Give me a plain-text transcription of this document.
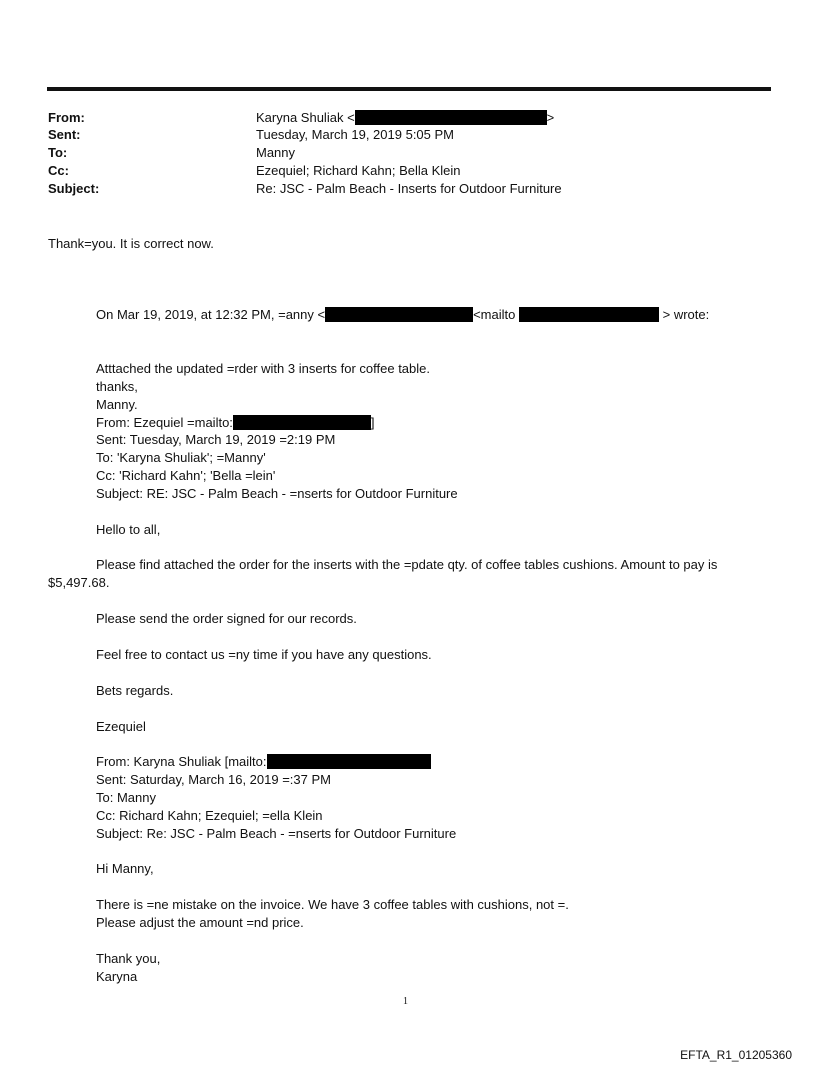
From:	Karyna Shuliak <	>
Sent:	Tuesday, March 19, 2019 5:05 PM
To:	Manny
Cc:	Ezequiel; Richard Kahn; Bella Klein
Subject:	Re: JSC - Palm Beach - Inserts for Outdoor Furniture
Thank=you. It is correct now.
On Mar 19, 2019, at 12:32 PM, =anny <	<mailto	> wrote:
Atttached the updated =rder with 3 inserts for coffee table.
thanks,
Manny.
From: Ezequiel =mailto:	]
Sent: Tuesday, March 19, 2019 =2:19 PM
To: 'Karyna Shuliak'; =Manny'
Cc: 'Richard Kahn'; 'Bella =lein'
Subject: RE: JSC - Palm Beach - =nserts for Outdoor Furniture
Hello to all,
Please find attached the order for the inserts with the =pdate qty. of coffee tables cushions. Amount to pay is
$5,497.68.
Please send the order signed for our records.
Feel free to contact us =ny time if you have any questions.
Bets regards.
Ezequiel
From: Karyna Shuliak [mailto:
Sent: Saturday, March 16, 2019 =:37 PM
To: Manny
Cc: Richard Kahn; Ezequiel; =ella Klein
Subject: Re: JSC - Palm Beach - =nserts for Outdoor Furniture
Hi Manny,
There is =ne mistake on the invoice. We have 3 coffee tables with cushions, not =.
Please adjust the amount =nd price.
Thank you,
Karyna
1
EFTA_R1_01205360
